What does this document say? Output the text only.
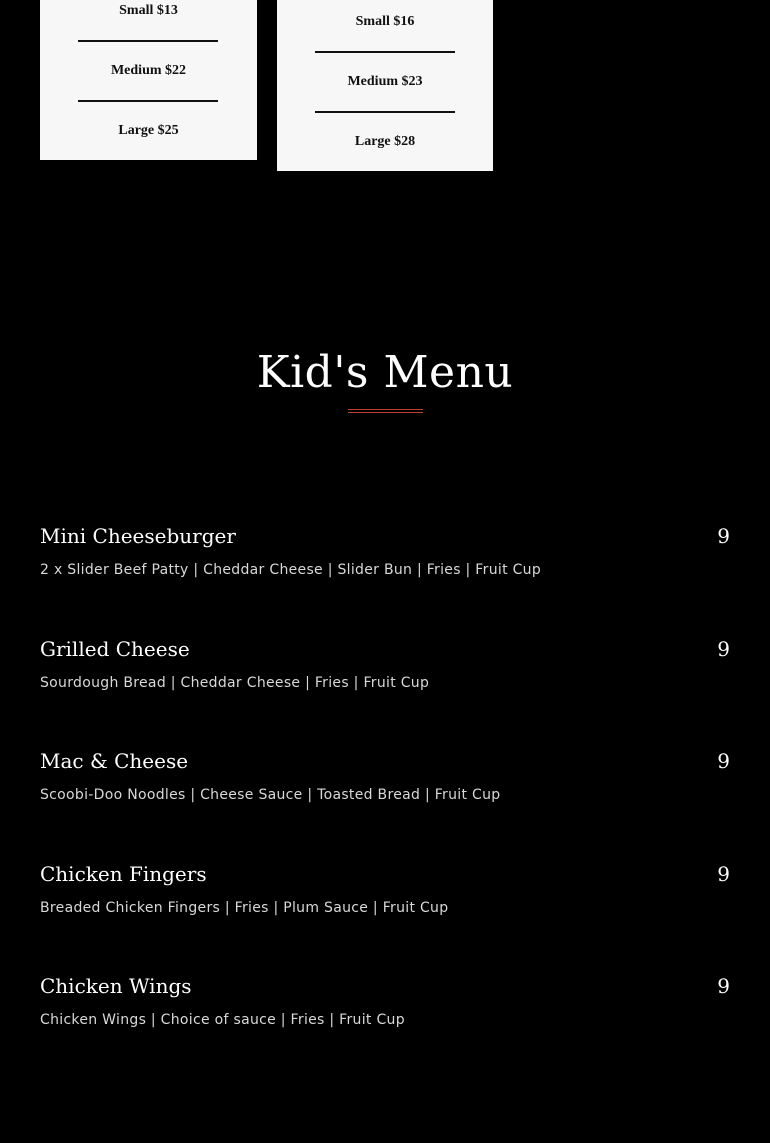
Small $13
Medium $22
Large $25
Small $16
Medium $23
Large $28
Kid's Menu
Mini Cheeseburger	9
2 x Slider Beef Patty | Cheddar Cheese | Slider Bun | Fries | Fruit Cup
Grilled Cheese	9
Sourdough Bread | Cheddar Cheese | Fries | Fruit Cup
Mac & Cheese	9
Scoobi-Doo Noodles | Cheese Sauce | Toasted Bread | Fruit Cup
Chicken Fingers	9
Breaded Chicken Fingers | Fries | Plum Sauce | Fruit Cup
Chicken Wings	9
Chicken Wings | Choice of sauce | Fries | Fruit Cup
